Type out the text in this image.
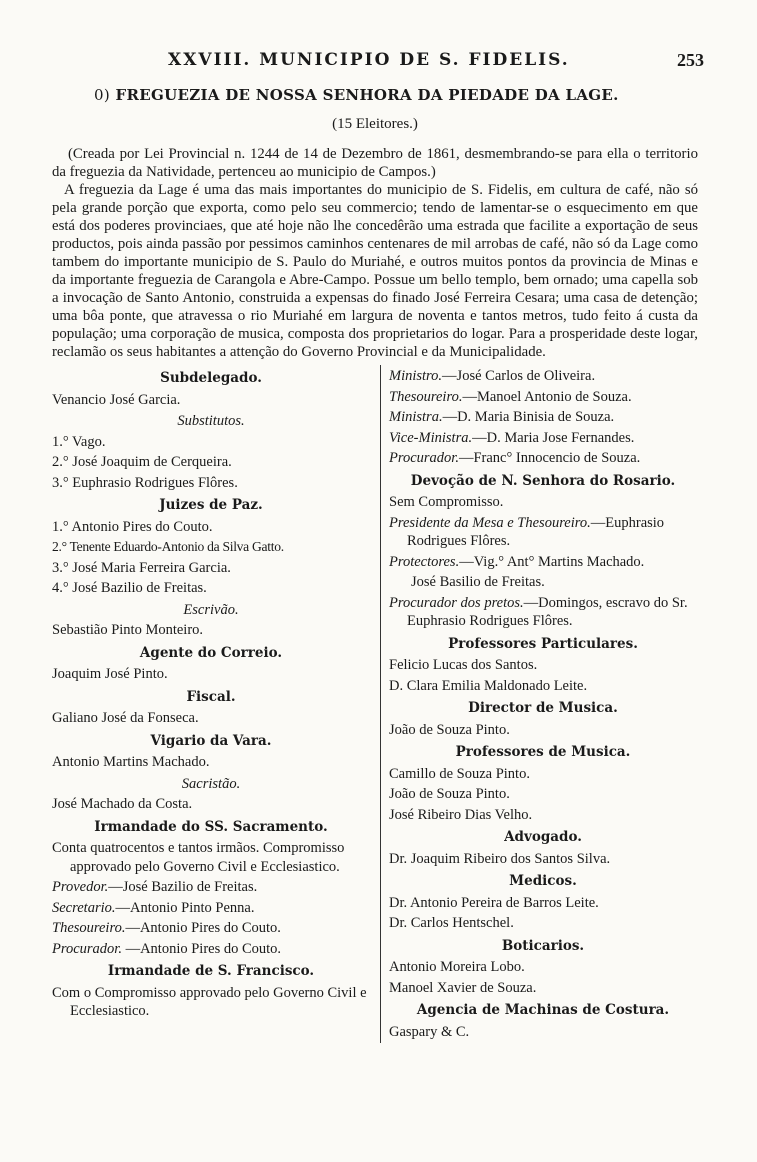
XXVIII. MUNICIPIO DE S. FIDELIS.	253
0) FREGUEZIA DE NOSSA SENHORA DA PIEDADE DA LAGE.
(15 Eleitores.)

(Creada por Lei Provincial n. 1244 de 14 de Dezembro de 1861, desmembrando-se para ella o territorio da freguezia da Natividade, pertenceu ao municipio de Campos.)

A freguezia da Lage é uma das mais importantes do municipio de S. Fidelis, em cultura de café, não só pela grande porção que exporta, como pelo seu commercio; tendo de lamentar-se o esquecimento em que está dos poderes provinciaes, que até hoje não lhe concedêrão uma estrada que facilite a exportação de seus productos, pois ainda passão por pessimos caminhos centenares de mil arrobas de café, não só da Lage como tambem do importante municipio de S. Paulo do Muriahé, e outros muitos pontos da provincia de Minas e da importante freguezia de Carangola e Abre-Campo. Possue um bello templo, bem ornado; uma capella sob a invocação de Santo Antonio, construida a expensas do finado José Ferreira Cesara; uma casa de detenção; uma bôa ponte, que atravessa o rio Muriahé em largura de noventa e tantos metros, tudo feito á custa da população; uma corporação de musica, composta dos proprietarios do logar. Para a prosperidade deste logar, reclamão os seus habitantes a attenção do Governo Provincial e da Municipalidade.

Subdelegado.
Venancio José Garcia.
Substitutos.
1.° Vago.
2.° José Joaquim de Cerqueira.
3.° Euphrasio Rodrigues Flôres.
Juizes de Paz.
1.° Antonio Pires do Couto.
2.° Tenente Eduardo-Antonio da Silva Gatto.
3.° José Maria Ferreira Garcia.
4.° José Bazilio de Freitas.
Escrivão.
Sebastião Pinto Monteiro.
Agente do Correio.
Joaquim José Pinto.
Fiscal.
Galiano José da Fonseca.
Vigario da Vara.
Antonio Martins Machado.
Sacristão.
José Machado da Costa.
Irmandade do SS. Sacramento.
Conta quatrocentos e tantos irmãos. Compromisso approvado pelo Governo Civil e Ecclesiastico.
Provedor.—José Bazilio de Freitas.
Secretario.—Antonio Pinto Penna.
Thesoureiro.—Antonio Pires do Couto.
Procurador. —Antonio Pires do Couto.
Irmandade de S. Francisco.
Com o Compromisso approvado pelo Governo Civil e Ecclesiastico.
Ministro.—José Carlos de Oliveira.
Thesoureiro.—Manoel Antonio de Souza.
Ministra.—D. Maria Binisia de Souza.
Vice-Ministra.—D. Maria Jose Fernandes.
Procurador.—Franc° Innocencio de Souza.
Devoção de N. Senhora do Rosario.
Sem Compromisso.
Presidente da Mesa e Thesoureiro.—Euphrasio Rodrigues Flôres.
Protectores.—Vig.° Ant° Martins Machado.
José Basilio de Freitas.
Procurador dos pretos.—Domingos, escravo do Sr. Euphrasio Rodrigues Flôres.
Professores Particulares.
Felicio Lucas dos Santos.
D. Clara Emilia Maldonado Leite.
Director de Musica.
João de Souza Pinto.
Professores de Musica.
Camillo de Souza Pinto.
João de Souza Pinto.
José Ribeiro Dias Velho.
Advogado.
Dr. Joaquim Ribeiro dos Santos Silva.
Medicos.
Dr. Antonio Pereira de Barros Leite.
Dr. Carlos Hentschel.
Boticarios.
Antonio Moreira Lobo.
Manoel Xavier de Souza.
Agencia de Machinas de Costura.
Gaspary & C.
